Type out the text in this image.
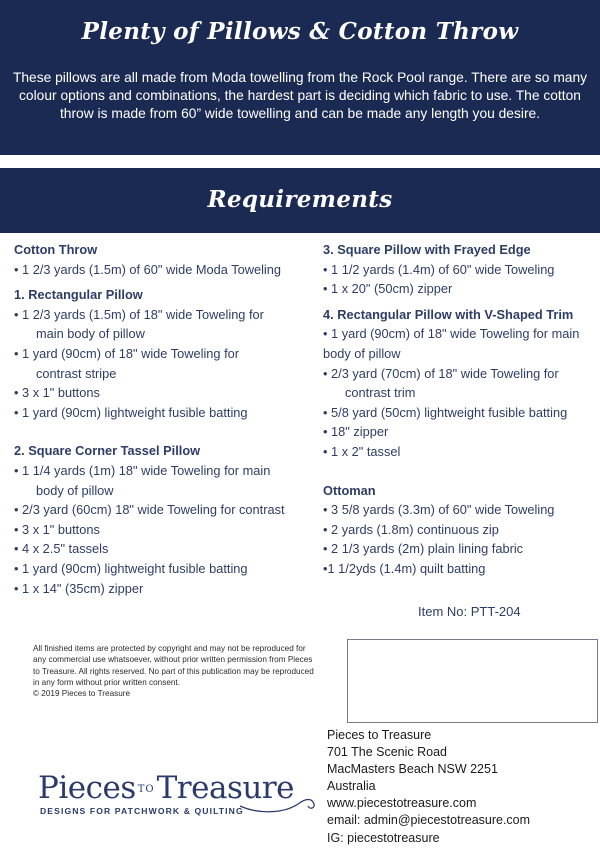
Plenty of Pillows & Cotton Throw

These pillows are all made from Moda towelling from the Rock Pool range. There are so many colour options and combinations, the hardest part is deciding which fabric to use. The cotton throw is made from 60” wide towelling and can be made any length you desire.

Requirements
Cotton Throw
• 1 2/3 yards (1.5m) of 60" wide Moda Toweling
1. Rectangular Pillow
• 1 2/3 yards (1.5m) of 18" wide Toweling for
main body of pillow
• 1 yard (90cm) of 18" wide Toweling for
contrast stripe
• 3 x 1" buttons
• 1 yard (90cm) lightweight fusible batting
2. Square Corner Tassel Pillow
• 1 1/4 yards (1m) 18" wide Toweling for main
body of pillow
• 2/3 yard (60cm) 18" wide Toweling for contrast
• 3 x 1" buttons
• 4 x 2.5" tassels
• 1 yard (90cm) lightweight fusible batting
• 1 x 14" (35cm) zipper
3. Square Pillow with Frayed Edge
• 1 1/2 yards (1.4m) of 60" wide Toweling
• 1 x 20" (50cm) zipper
4. Rectangular Pillow with V-Shaped Trim
• 1 yard (90cm) of 18" wide Toweling for main
body of pillow
• 2/3 yard (70cm) of 18" wide Toweling for
contrast trim
• 5/8 yard (50cm) lightweight fusible batting
• 18" zipper
• 1 x 2" tassel
Ottoman
• 3 5/8 yards (3.3m) of 60" wide Toweling
• 2 yards (1.8m) continuous zip
• 2 1/3 yards (2m) plain lining fabric
•1 1/2yds (1.4m) quilt batting
Item No: PTT-204
All finished items are protected by copyright and may not be reproduced for any commercial use whatsoever, without prior written permission from Pieces to Treasure. All rights reserved. No part of this publication may be reproduced in any form without prior written consent.
© 2019 Pieces to Treasure
Pieces to Treasure
701 The Scenic Road
MacMasters Beach NSW 2251
Australia
www.piecestotreasure.com
email: admin@piecestotreasure.com
IG: piecestotreasure
Pieces TOTreasure
DESIGNS FOR PATCHWORK & QUILTING
